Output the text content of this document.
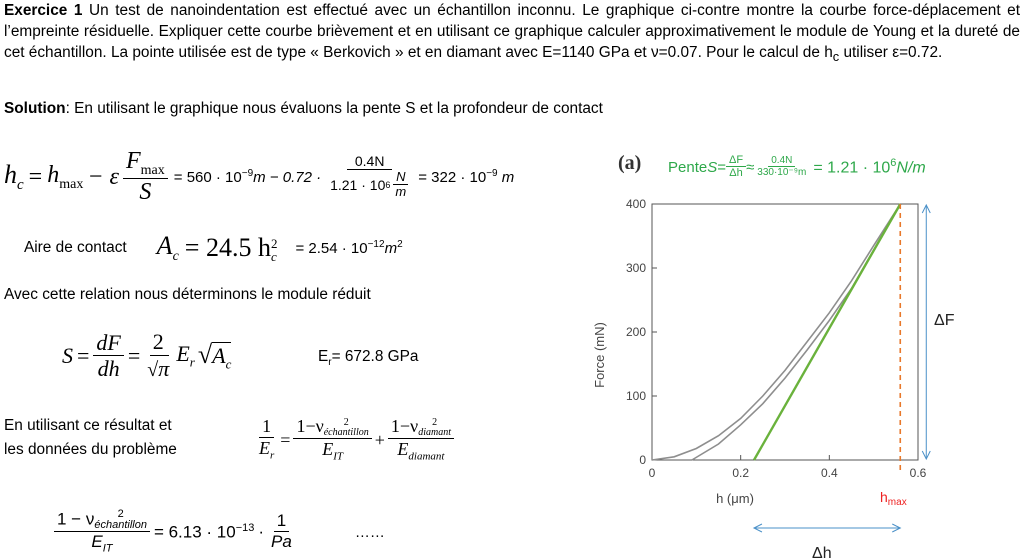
Exercice 1 Un test de nanoindentation est effectué avec un échantillon inconnu. Le graphique ci-contre montre la courbe force-déplacement et l’empreinte résiduelle. Expliquer cette courbe brièvement et en utilisant ce graphique calculer approximativement le module de Young et la dureté de cet échantillon. La pointe utilisée est de type « Berkovich » et en diamant avec E=1140 GPa et ν=0.07. Pour le calcul de $h_c$ utiliser ε=0.72.
Solution: En utilisant le graphique nous évaluons la pente S et la profondeur de contact
$h_c = h_{max} - \varepsilon \frac{F_{max}}{S} = 560 \cdot 10^{-9}m - 0.72 \cdot \frac{0.4N}{1.21 \cdot 10 6 \frac{N}{m}} = 322 \cdot 10^{-9}$ m
Aire de contact $A_c = 24.5$ h 2
$c = 2.54 \cdot 10^{-12}m^2$
Avec cette relation nous déterminons le module réduit
$S = \frac{dF}{dh} = \frac{2}{√\pi} E_r$ $√A_c$	$E_r= 672.8$ GPa
En utilisant ce résultat et
les données du problème	$\frac{1}{E_r} = 1-\nu$	2
échantillon
$E_{IT} + 1-\nu$	2
diamant
$E_{diamant}$
1 − ν	2
échantillon
$E_{IT} = 6.13 \cdot 10^{-13} \cdot \frac{1}{Pa}$	……
(a) Pente $S = \frac{\Delta F}{\Delta h} \approx \frac{0.4N}{\text{330·10⁻⁹m}} = 1.21 \cdot 10^6N/m$
0
100
200
300
400
0	0.2	0.4	0.6
Force (mN)
h (μm)
ΔF
Δh
$h_{max}$
